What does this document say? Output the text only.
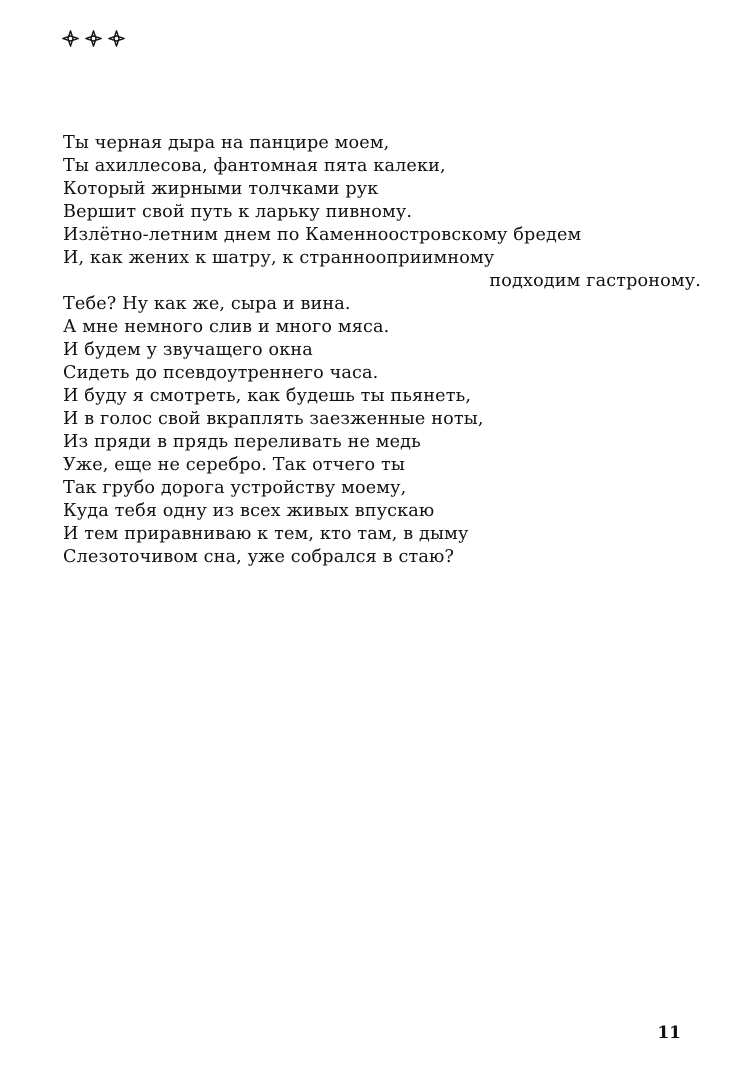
Ты черная дыра на панцире моем,
Ты ахиллесова, фантомная пята калеки,
Который жирными толчками рук
Вершит свой путь к ларьку пивному.
Излётно-летним днем по Каменноостровскому бредем
И, как жених к шатру, к страннооприимному
подходим гастроному.
Тебе? Ну как же, сыра и вина.
А мне немного слив и много мяса.
И будем у звучащего окна
Сидеть до псевдоутреннего часа.
И буду я смотреть, как будешь ты пьянеть,
И в голос свой вкраплять заезженные ноты,
Из пряди в прядь переливать не медь
Уже, еще не серебро. Так отчего ты
Так грубо дорога устройству моему,
Куда тебя одну из всех живых впускаю
И тем приравниваю к тем, кто там, в дыму
Слезоточивом сна, уже собрался в стаю?
11
